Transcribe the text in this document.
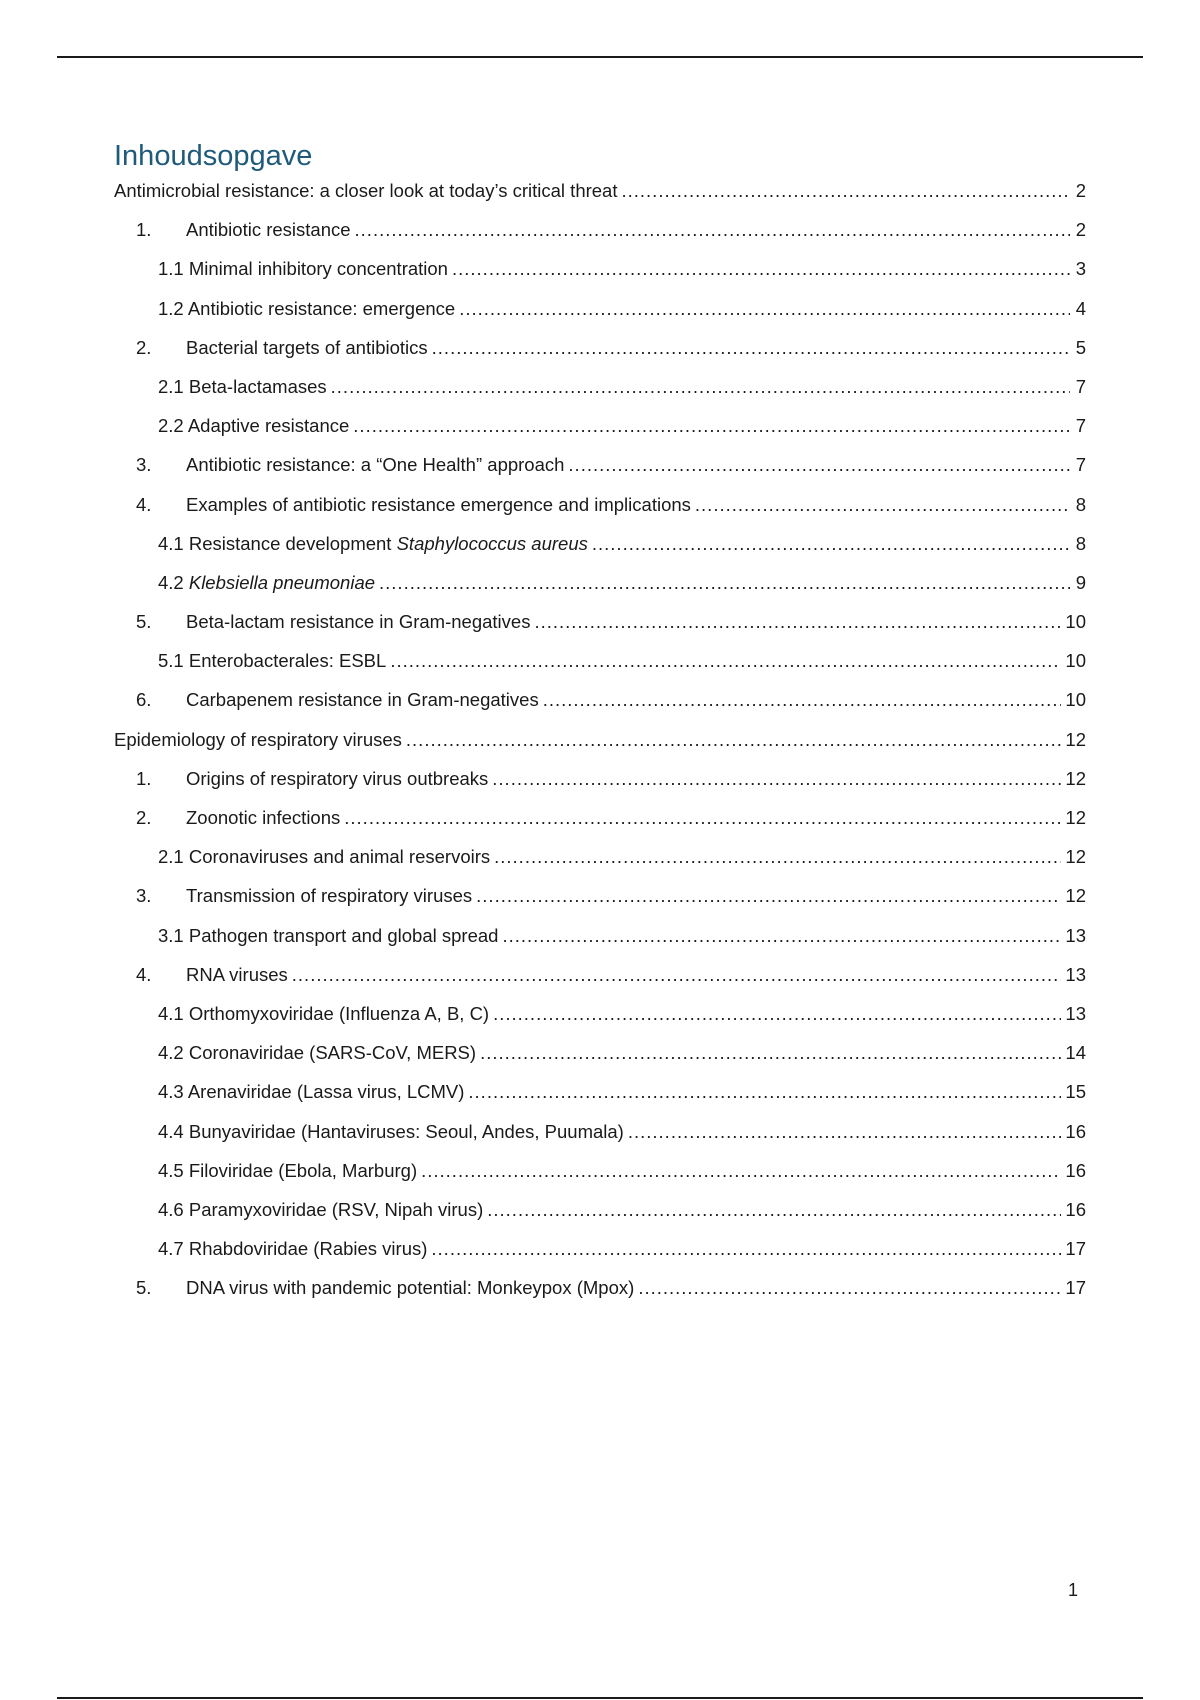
Inhoudsopgave
Antimicrobial resistance: a closer look at today’s critical threat .....	2
1.	Antibiotic resistance .....	2
1.1 Minimal inhibitory concentration .....	3
1.2 Antibiotic resistance: emergence .....	4
2.	Bacterial targets of antibiotics .....	5
2.1 Beta-lactamases .....	7
2.2 Adaptive resistance .....	7
3.	Antibiotic resistance: a “One Health” approach .....	7
4.	Examples of antibiotic resistance emergence and implications .....	8
4.1 Resistance development Staphylococcus aureus .....	8
4.2 Klebsiella pneumoniae .....	9
5.	Beta-lactam resistance in Gram-negatives .....	10
5.1 Enterobacterales: ESBL .....	10
6.	Carbapenem resistance in Gram-negatives .....	10
Epidemiology of respiratory viruses .....	12
1.	Origins of respiratory virus outbreaks .....	12
2.	Zoonotic infections .....	12
2.1 Coronaviruses and animal reservoirs .....	12
3.	Transmission of respiratory viruses .....	12
3.1 Pathogen transport and global spread .....	13
4.	RNA viruses .....	13
4.1 Orthomyxoviridae (Influenza A, B, C) .....	13
4.2 Coronaviridae (SARS-CoV, MERS) .....	14
4.3 Arenaviridae (Lassa virus, LCMV) .....	15
4.4 Bunyaviridae (Hantaviruses: Seoul, Andes, Puumala) .....	16
4.5 Filoviridae (Ebola, Marburg) .....	16
4.6 Paramyxoviridae (RSV, Nipah virus) .....	16
4.7 Rhabdoviridae (Rabies virus) .....	17
5.	DNA virus with pandemic potential: Monkeypox (Mpox) .....	17
1
